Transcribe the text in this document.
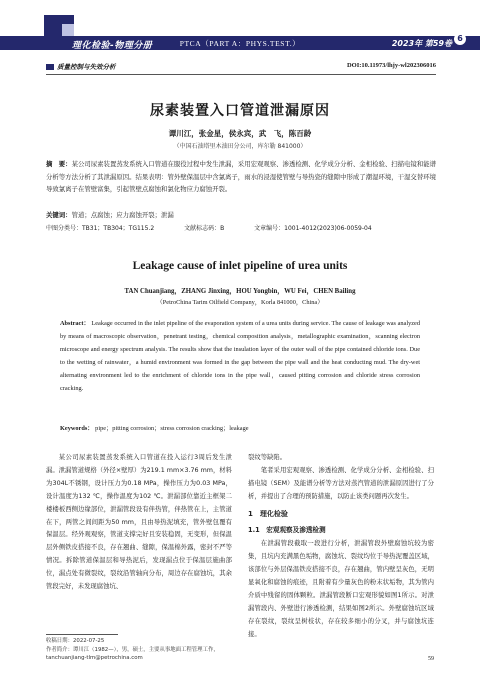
理化检验-物理分册	PTCA（PART A：PHYS.TEST.）	2023年 第59卷
6
质量控制与失效分析	DOI:10.11973/lhjy-wl202306016
尿素装置入口管道泄漏原因
谭川江，张金星，侯永宾，武　飞，陈百龄
（中国石油塔里木油田分公司，库尔勒 841000）
摘　要：某公司尿素装置蒸发系统入口管道在服役过程中发生泄漏，采用宏观观察、渗透检测、化学成分分析、金相检验、扫描电镜和能谱分析等方法分析了其泄漏原因。结果表明：管外壁保温层中含氯离子，雨水的浸湿使管壁与导热瓷的缝隙中形成了潮湿环境，干湿交替环境导致氯离子在管壁富集，引起管壁点腐蚀和氯化物应力腐蚀开裂。
关键词：管道；点腐蚀；应力腐蚀开裂；泄漏
中图分类号：TB31；TB304；TG115.2	文献标志码：B	文章编号：1001-4012(2023)06-0059-04
Leakage cause of inlet pipeline of urea units
TAN Chuanjiang，ZHANG Jinxing，HOU Yongbin，WU Fei，CHEN Bailing
（PetroChina Tarim Oilfield Company，Korla 841000，China）
Abstract： Leakage occurred in the inlet pipeline of the evaporation system of a urea units during service. The cause of leakage was analyzed by means of macroscopic observation，penetrant testing，chemical composition analysis，metallographic examination，scanning electron microscope and energy spectrum analysis. The results show that the insulation layer of the outer wall of the pipe contained chloride ions. Due to the wetting of rainwater，a humid environment was formed in the gap between the pipe wall and the heat conducting mud. The dry-wet alternating environment led to the enrichment of chloride ions in the pipe wall，caused pitting corrosion and chloride stress corrosion cracking.
Keywords： pipe；pitting corrosion；stress corrosion cracking；leakage

某公司尿素装置蒸发系统入口管道在投入运行3周后发生泄漏。泄漏管道规格（外径×壁厚）为219.1 mm×3.76 mm，材料为304L不锈钢，设计压力为0.18 MPa，操作压力为0.03 MPa，设计温度为132 ℃，操作温度为102 ℃。泄漏部位靠近主框架二楼楼板西侧边缘部位，泄漏管段设有伴热管，伴热管在上，主管道在下，两管之间间距为50 mm，且由导热泥填充，管外壁包覆有保温层。经外观观察，管道支撑完好且安装稳固，无变形，但保温层外侧铁皮搭接不良，存在翘曲、缝隙，保温棉外露，密封不严等情况。拆除管道保温层和导热泥后，发现漏点位于保温层施曲部位，漏点处有微裂纹，裂纹沿管轴向分布，周边存在腐蚀坑，其余管段完好，未发现腐蚀坑、

裂纹等缺陷。

笔者采用宏观观察、渗透检测、化学成分分析、金相检验、扫描电镜（SEM）及能谱分析等方法对蒸汽管道的泄漏原因进行了分析，并提出了合理的预防措施，以防止该类问题再次发生。

1　理化检验
1.1　宏观观察及渗透检测

在泄漏管段截取一段进行分析，泄漏管段外壁腐蚀坑较为密集，且坑内充满黑色垢物，腐蚀坑、裂纹均位于导热泥覆盖区域，该部位与外层保温铁皮搭接不良，存在翘曲，管内壁呈灰色，无明显氧化和腐蚀的痕迹，且附着有少量灰色的粉末状垢物，其为管内介质中残留的固体颗粒。泄漏管段断口宏观形貌如图1所示。对泄漏管段内、外壁进行渗透检测，结果如图2所示。外壁腐蚀坑区域存在裂纹，裂纹呈树枝状，存在较多细小的分叉，并与腐蚀坑连接。

收稿日期：2022-07-25
作者简介：谭川江（1982—），男，硕士，主要从事地面工程管理工作，tanchuanjiang-tlm@petrochina.com	59
